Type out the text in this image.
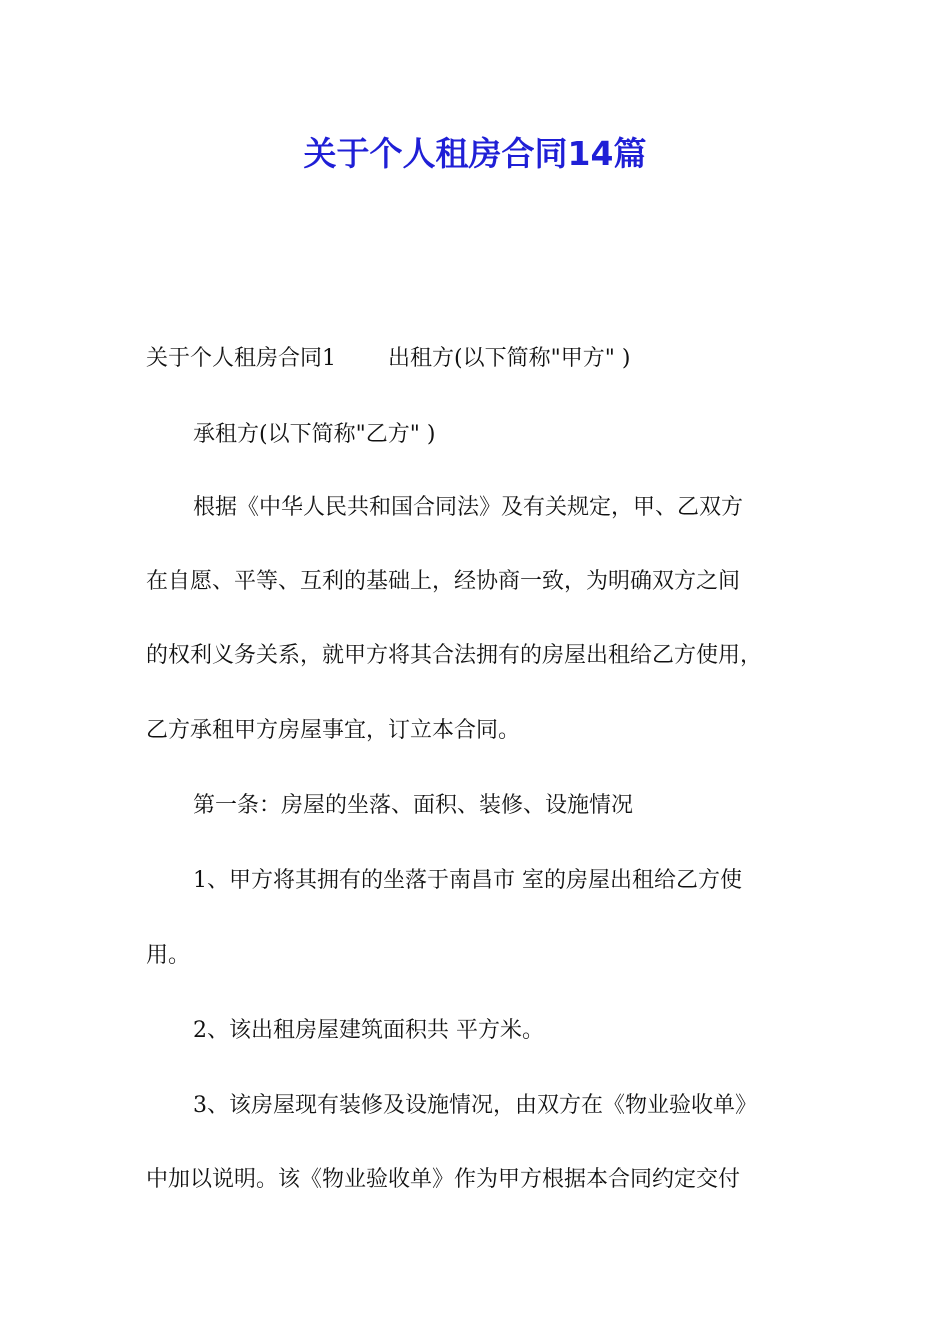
关于个人租房合同14篇
关于个人租房合同1 出租方(以下简称"甲方" )
承租方(以下简称"乙方" )
根据《中华人民共和国合同法》及有关规定，甲、乙双方
在自愿、平等、互利的基础上，经协商一致，为明确双方之间
的权利义务关系，就甲方将其合法拥有的房屋出租给乙方使用，
乙方承租甲方房屋事宜，订立本合同。
第一条：房屋的坐落、面积、装修、设施情况
1、甲方将其拥有的坐落于南昌市 室的房屋出租给乙方使
用。
2、该出租房屋建筑面积共 平方米。
3、该房屋现有装修及设施情况，由双方在《物业验收单》
中加以说明。该《物业验收单》作为甲方根据本合同约定交付
